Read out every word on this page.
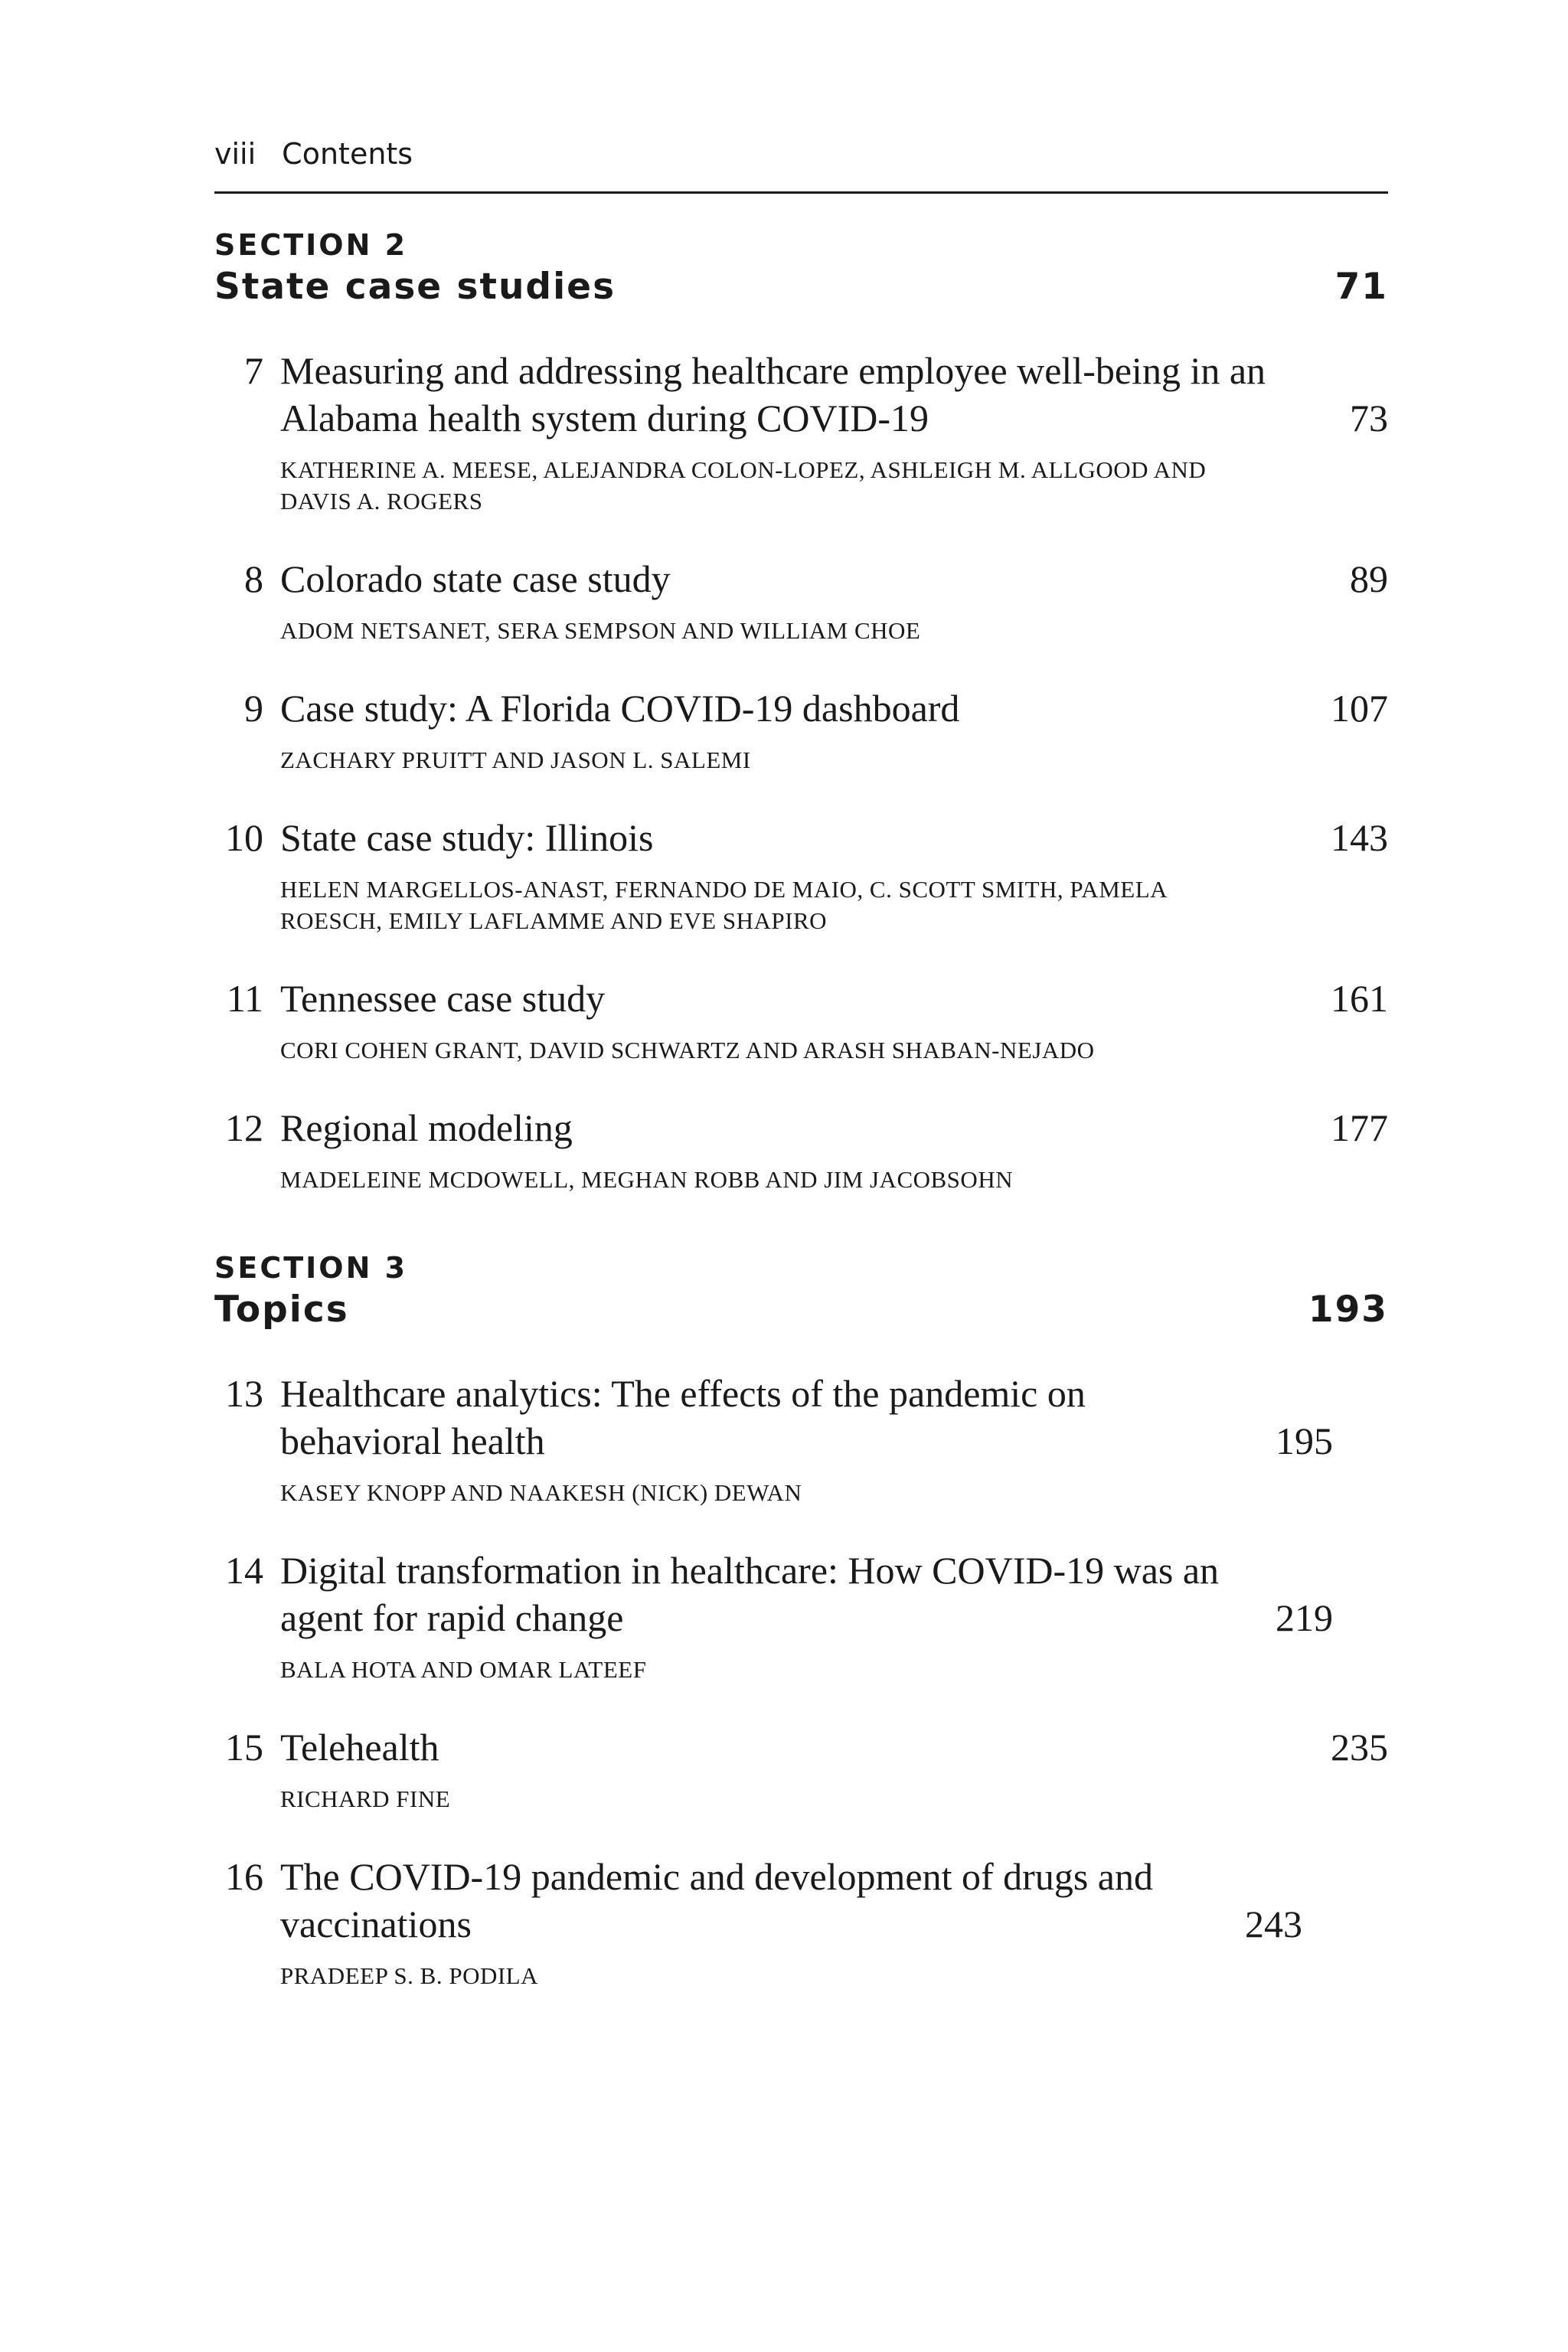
viii Contents
SECTION 2
State case studies	71
7 Measuring and addressing healthcare employee well-being in an Alabama health system during COVID-19	73
KATHERINE A. MEESE, ALEJANDRA COLON-LOPEZ, ASHLEIGH M. ALLGOOD AND DAVIS A. ROGERS
8 Colorado state case study	89
ADOM NETSANET, SERA SEMPSON AND WILLIAM CHOE
9 Case study: A Florida COVID-19 dashboard	107
ZACHARY PRUITT AND JASON L. SALEMI
10 State case study: Illinois	143
HELEN MARGELLOS-ANAST, FERNANDO DE MAIO, C. SCOTT SMITH, PAMELA ROESCH, EMILY LAFLAMME AND EVE SHAPIRO
11 Tennessee case study	161
CORI COHEN GRANT, DAVID SCHWARTZ AND ARASH SHABAN-NEJADO
12 Regional modeling	177
MADELEINE MCDOWELL, MEGHAN ROBB AND JIM JACOBSOHN
SECTION 3
Topics	193
13 Healthcare analytics: The effects of the pandemic on behavioral health	195
KASEY KNOPP AND NAAKESH (NICK) DEWAN
14 Digital transformation in healthcare: How COVID-19 was an agent for rapid change	219
BALA HOTA AND OMAR LATEEF
15 Telehealth	235
RICHARD FINE
16 The COVID-19 pandemic and development of drugs and vaccinations	243
PRADEEP S. B. PODILA
